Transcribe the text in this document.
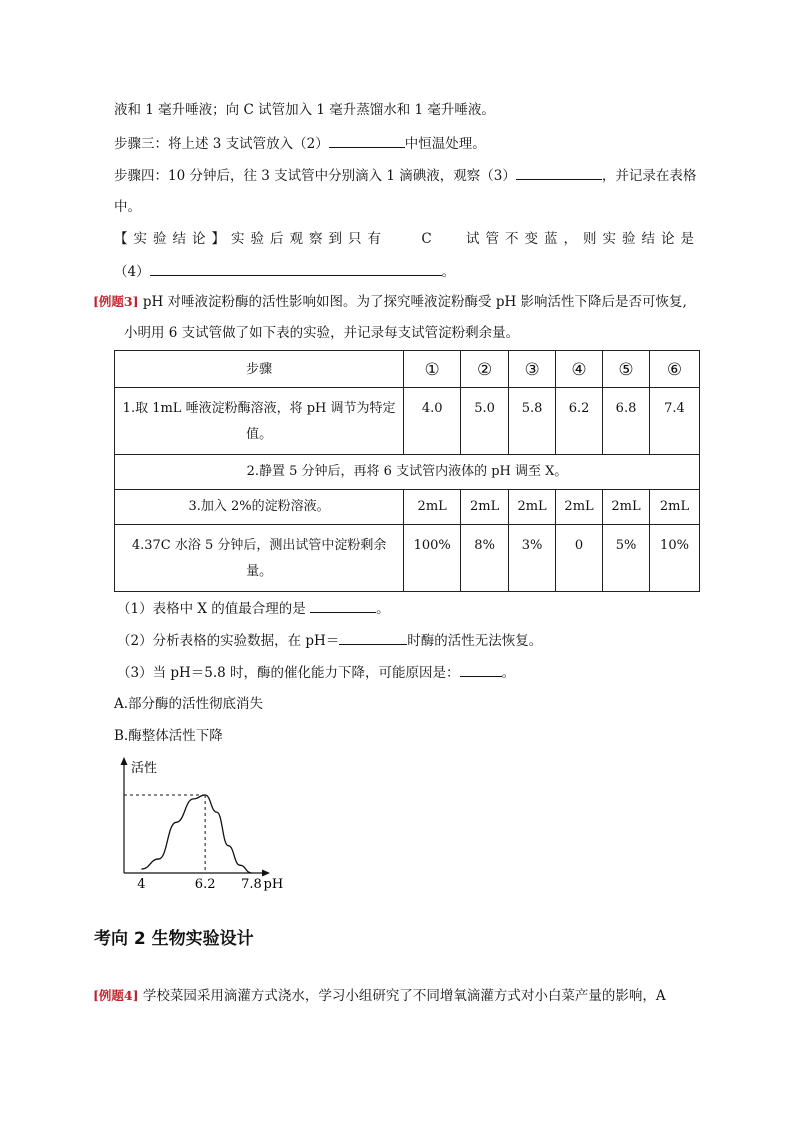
液和 1 毫升唾液；向 C 试管加入 1 毫升蒸馏水和 1 毫升唾液。
步骤三：将上述 3 支试管放入（2）	中恒温处理。
步骤四：10 分钟后，往 3 支试管中分别滴入 1 滴碘液，观察（3）	，并记录在表格
中。
【实验结论】实验后观察到只有	C	试管不变蓝，则实验结论是
（4）	。
[例题3] pH 对唾液淀粉酶的活性影响如图。为了探究唾液淀粉酶受 pH 影响活性下降后是否可恢复,
小明用 6 支试管做了如下表的实验，并记录每支试管淀粉剩余量。
步骤	①	②	③	④	⑤	⑥

1.取 1mL 唾液淀粉酶溶液，将 pH 调节为特定
值。	4.0	5.0	5.8	6.2	6.8	7.4
2.静置 5 分钟后，再将 6 支试管内液体的 pH 调至 X。						
3.加入 2%的淀粉溶液。	2mL	2mL	2mL	2mL	2mL	2mL

4.37C 水浴 5 分钟后，测出试管中淀粉剩余
量。	100%	8%	3%	0	5%	10%
（1）表格中 X 的值最合理的是	。
（2）分析表格的实验数据，在 pH＝	时酶的活性无法恢复。
（3）当 pH＝5.8 时，酶的催化能力下降，可能原因是：	。
A.部分酶的活性彻底消失
B.酶整体活性下降
活性
4	6.2 7.8 pH
考向 2 生物实验设计
[例题4] 学校菜园采用滴灌方式浇水，学习小组研究了不同增氧滴灌方式对小白菜产量的影响，A
